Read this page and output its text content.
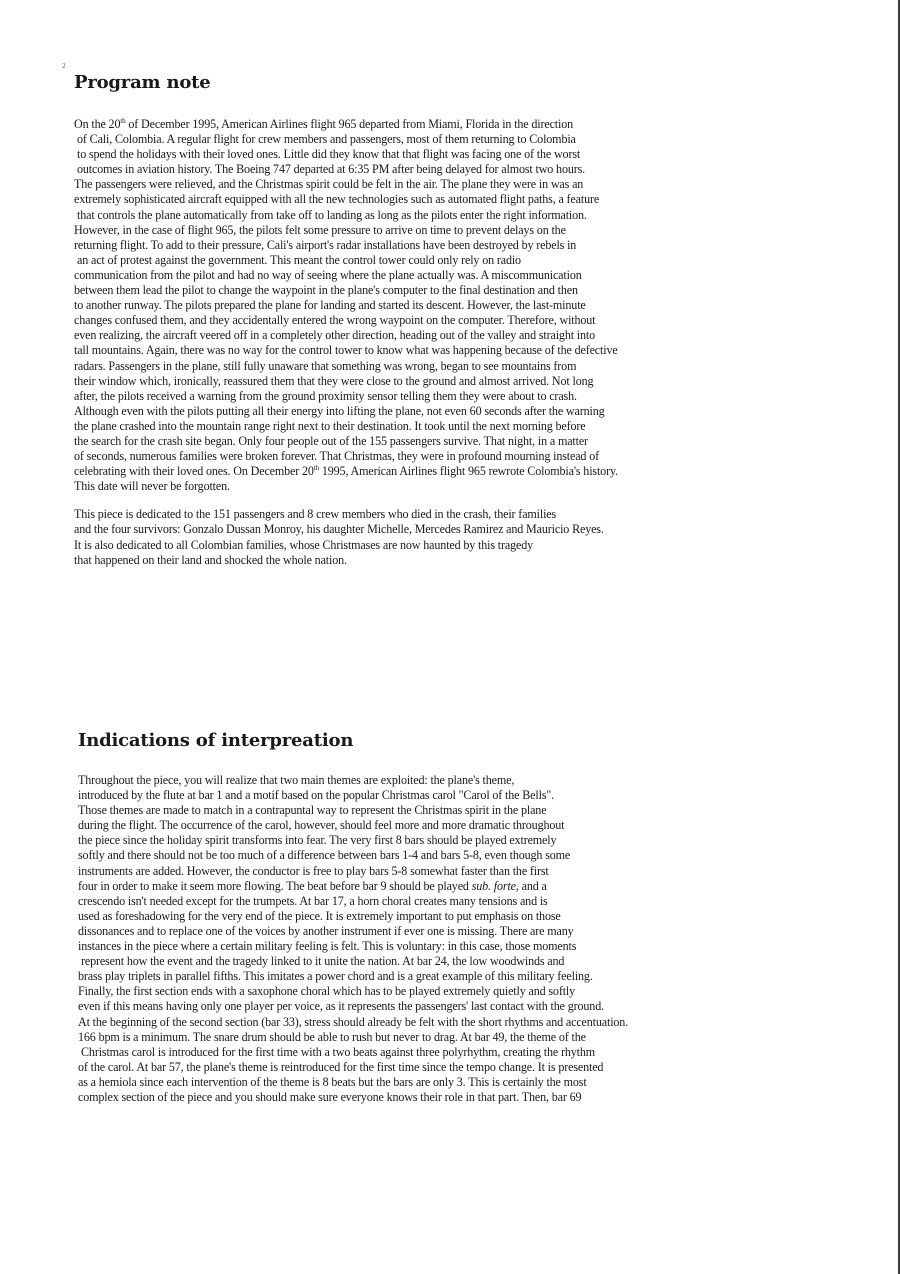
2
Program note
On the 20th of December 1995, American Airlines flight 965 departed from Miami, Florida in the direction
of Cali, Colombia. A regular flight for crew members and passengers, most of them returning to Colombia
to spend the holidays with their loved ones. Little did they know that that flight was facing one of the worst
outcomes in aviation history. The Boeing 747 departed at 6:35 PM after being delayed for almost two hours.
The passengers were relieved, and the Christmas spirit could be felt in the air. The plane they were in was an
extremely sophisticated aircraft equipped with all the new technologies such as automated flight paths, a feature
that controls the plane automatically from take off to landing as long as the pilots enter the right information.
However, in the case of flight 965, the pilots felt some pressure to arrive on time to prevent delays on the
returning flight. To add to their pressure, Cali's airport's radar installations have been destroyed by rebels in
an act of protest against the government. This meant the control tower could only rely on radio
communication from the pilot and had no way of seeing where the plane actually was. A miscommunication
between them lead the pilot to change the waypoint in the plane's computer to the final destination and then
to another runway. The pilots prepared the plane for landing and started its descent. However, the last-minute
changes confused them, and they accidentally entered the wrong waypoint on the computer. Therefore, without
even realizing, the aircraft veered off in a completely other direction, heading out of the valley and straight into
tall mountains. Again, there was no way for the control tower to know what was happening because of the defective
radars. Passengers in the plane, still fully unaware that something was wrong, began to see mountains from
their window which, ironically, reassured them that they were close to the ground and almost arrived. Not long
after, the pilots received a warning from the ground proximity sensor telling them they were about to crash.
Although even with the pilots putting all their energy into lifting the plane, not even 60 seconds after the warning
the plane crashed into the mountain range right next to their destination. It took until the next morning before
the search for the crash site began. Only four people out of the 155 passengers survive. That night, in a matter
of seconds, numerous families were broken forever. That Christmas, they were in profound mourning instead of
celebrating with their loved ones. On December 20th 1995, American Airlines flight 965 rewrote Colombia's history.
This date will never be forgotten.
This piece is dedicated to the 151 passengers and 8 crew members who died in the crash, their families
and the four survivors: Gonzalo Dussan Monroy, his daughter Michelle, Mercedes Ramirez and Mauricio Reyes.
It is also dedicated to all Colombian families, whose Christmases are now haunted by this tragedy
that happened on their land and shocked the whole nation.
Indications of interpreation
Throughout the piece, you will realize that two main themes are exploited: the plane's theme,
introduced by the flute at bar 1 and a motif based on the popular Christmas carol "Carol of the Bells".
Those themes are made to match in a contrapuntal way to represent the Christmas spirit in the plane
during the flight. The occurrence of the carol, however, should feel more and more dramatic throughout
the piece since the holiday spirit transforms into fear. The very first 8 bars should be played extremely
softly and there should not be too much of a difference between bars 1-4 and bars 5-8, even though some
instruments are added. However, the conductor is free to play bars 5-8 somewhat faster than the first
four in order to make it seem more flowing. The beat before bar 9 should be played sub. forte, and a
crescendo isn't needed except for the trumpets. At bar 17, a horn choral creates many tensions and is
used as foreshadowing for the very end of the piece. It is extremely important to put emphasis on those
dissonances and to replace one of the voices by another instrument if ever one is missing. There are many
instances in the piece where a certain military feeling is felt. This is voluntary: in this case, those moments
represent how the event and the tragedy linked to it unite the nation. At bar 24, the low woodwinds and
brass play triplets in parallel fifths. This imitates a power chord and is a great example of this military feeling.
Finally, the first section ends with a saxophone choral which has to be played extremely quietly and softly
even if this means having only one player per voice, as it represents the passengers' last contact with the ground.
At the beginning of the second section (bar 33), stress should already be felt with the short rhythms and accentuation.
166 bpm is a minimum. The snare drum should be able to rush but never to drag. At bar 49, the theme of the
Christmas carol is introduced for the first time with a two beats against three polyrhythm, creating the rhythm
of the carol. At bar 57, the plane's theme is reintroduced for the first time since the tempo change. It is presented
as a hemiola since each intervention of the theme is 8 beats but the bars are only 3. This is certainly the most
complex section of the piece and you should make sure everyone knows their role in that part. Then, bar 69
